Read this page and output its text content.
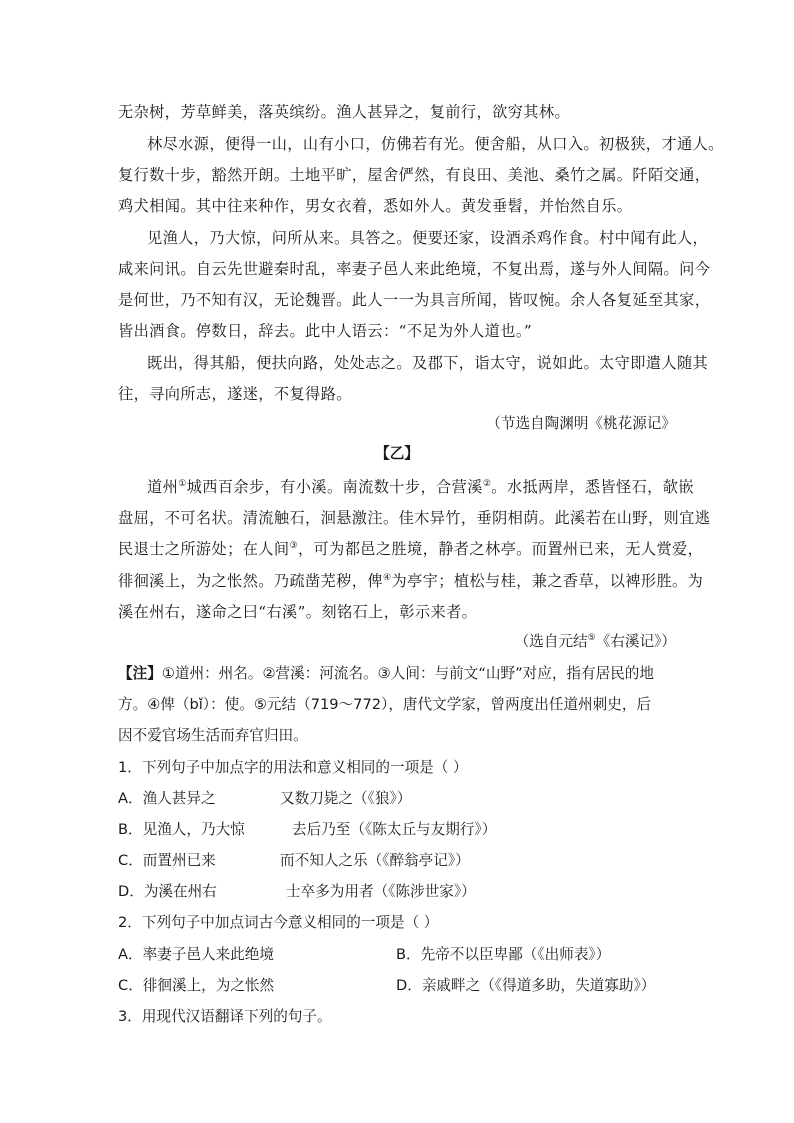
无杂树，芳草鲜美，落英缤纷。渔人甚异之，复前行，欲穷其林。
林尽水源，便得一山，山有小口，仿佛若有光。便舍船，从口入。初极狭，才通人。
复行数十步，豁然开朗。土地平旷，屋舍俨然，有良田、美池、桑竹之属。阡陌交通，
鸡犬相闻。其中往来种作，男女衣着，悉如外人。黄发垂髫，并怡然自乐。
见渔人，乃大惊，问所从来。具答之。便要还家，设酒杀鸡作食。村中闻有此人，
咸来问讯。自云先世避秦时乱，率妻子邑人来此绝境，不复出焉，遂与外人间隔。问今
是何世，乃不知有汉，无论魏晋。此人一一为具言所闻，皆叹惋。余人各复延至其家，
皆出酒食。停数日，辞去。此中人语云：“不足为外人道也。”
既出，得其船，便扶向路，处处志之。及郡下，诣太守，说如此。太守即遣人随其
往，寻向所志，遂迷，不复得路。
（节选自陶渊明《桃花源记》
【乙】
道州①城西百余步，有小溪。南流数十步，合营溪②。水抵两岸，悉皆怪石，欹嵌
盘屈，不可名状。清流触石，洄悬激注。佳木异竹，垂阴相荫。此溪若在山野，则宜逃
民退士之所游处；在人间③，可为都邑之胜境，静者之林亭。而置州已来，无人赏爱，
徘徊溪上，为之怅然。乃疏凿芜秽，俾④为亭宇；植松与桂，兼之香草，以裨形胜。为
溪在州右，遂命之曰“右溪”。刻铭石上，彰示来者。
（选自元结⑤《右溪记》）
【注】①道州：州名。②营溪：河流名。③人间：与前文“山野”对应，指有居民的地
方。④俾（bǐ）：使。⑤元结（719～772），唐代文学家，曾两度出任道州刺史，后
因不爱官场生活而弃官归田。
1．下列句子中加点字的用法和意义相同的一项是（ ）
A．渔人甚异之	又数刀毙之（《狼》）
B．见渔人，乃大惊	去后乃至（《陈太丘与友期行》）
C．而置州已来	而不知人之乐（《醉翁亭记》）
D．为溪在州右	士卒多为用者（《陈涉世家》）
2．下列句子中加点词古今意义相同的一项是（ ）
A．率妻子邑人来此绝境	B．先帝不以臣卑鄙（《出师表》）
C．徘徊溪上，为之怅然	D．亲戚畔之（《得道多助，失道寡助》）
3．用现代汉语翻译下列的句子。
